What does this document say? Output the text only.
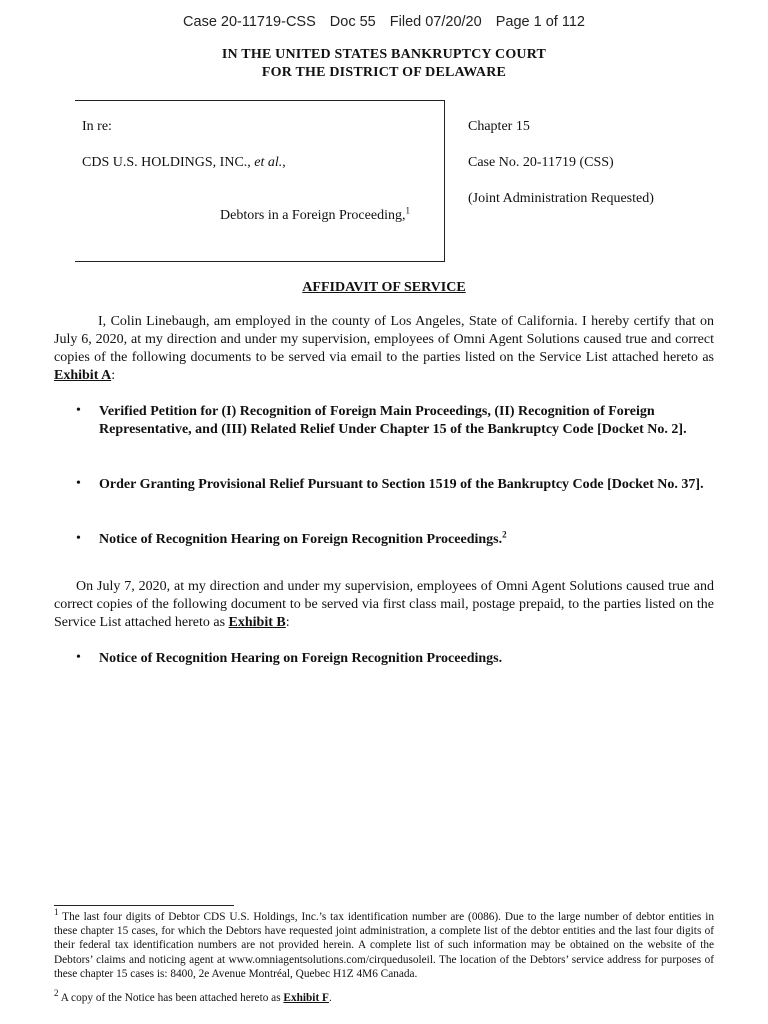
Case 20-11719-CSS Doc 55 Filed 07/20/20 Page 1 of 112
IN THE UNITED STATES BANKRUPTCY COURT
FOR THE DISTRICT OF DELAWARE
In re:
CDS U.S. HOLDINGS, INC., et al.,
Debtors in a Foreign Proceeding,$^1$
Chapter 15
Case No. 20-11719 (CSS)
(Joint Administration Requested)
AFFIDAVIT OF SERVICE
I, Colin Linebaugh, am employed in the county of Los Angeles, State of California. I hereby certify that on July 6, 2020, at my direction and under my supervision, employees of Omni Agent Solutions caused true and correct copies of the following documents to be served via email to the parties listed on the Service List attached hereto as Exhibit A:
• Verified Petition for (I) Recognition of Foreign Main Proceedings, (II) Recognition of Foreign Representative, and (III) Related Relief Under Chapter 15 of the Bankruptcy Code [Docket No. 2].
• Order Granting Provisional Relief Pursuant to Section 1519 of the Bankruptcy Code [Docket No. 37].
• Notice of Recognition Hearing on Foreign Recognition Proceedings.$^2$
On July 7, 2020, at my direction and under my supervision, employees of Omni Agent Solutions caused true and correct copies of the following document to be served via first class mail, postage prepaid, to the parties listed on the Service List attached hereto as Exhibit B:
• Notice of Recognition Hearing on Foreign Recognition Proceedings.
$^1$ The last four digits of Debtor CDS U.S. Holdings, Inc.’s tax identification number are (0086). Due to the large number of debtor entities in these chapter 15 cases, for which the Debtors have requested joint administration, a complete list of the debtor entities and the last four digits of their federal tax identification numbers are not provided herein. A complete list of such information may be obtained on the website of the Debtors’ claims and noticing agent at www.omniagentsolutions.com/cirquedusoleil. The location of the Debtors’ service address for purposes of these chapter 15 cases is: 8400, 2e Avenue Montréal, Quebec H1Z 4M6 Canada.
$^2$ A copy of the Notice has been attached hereto as Exhibit F.
